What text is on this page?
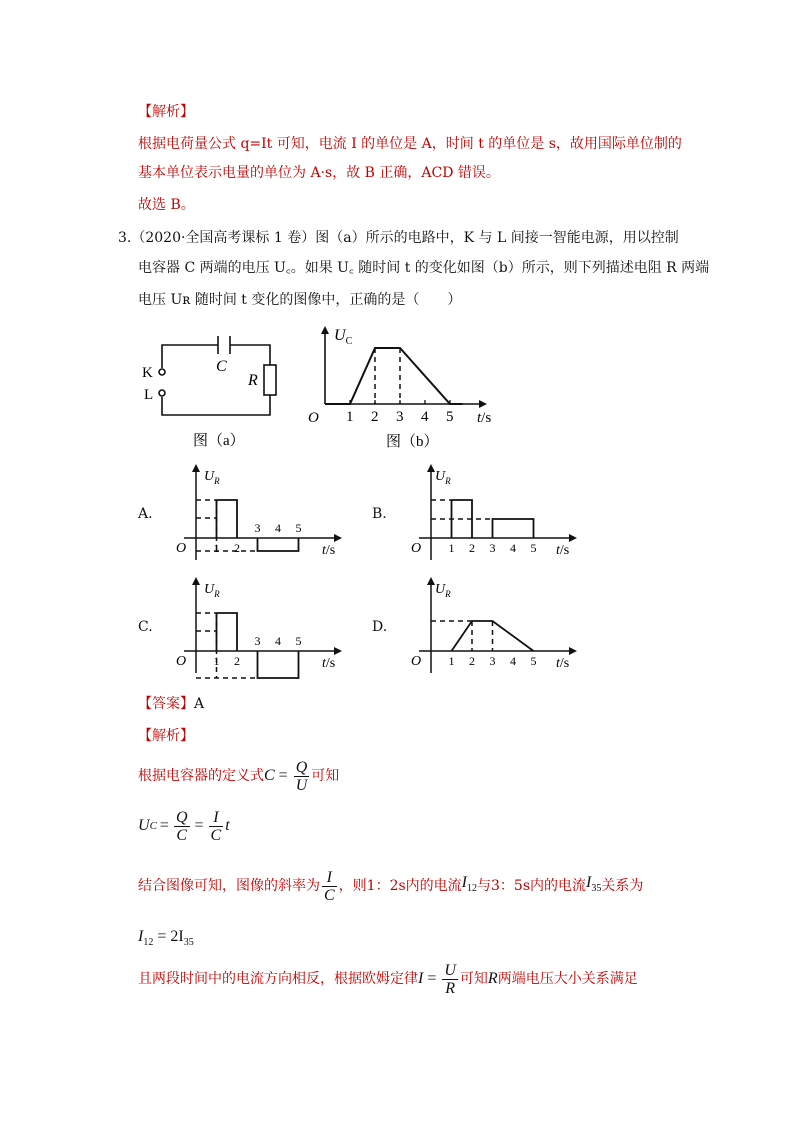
【解析】
根据电荷量公式 q=It 可知，电流 I 的单位是 A，时间 t 的单位是 s，故用国际单位制的
基本单位表示电量的单位为 A·s，故 B 正确，ACD 错误。
故选 B。
3.（2020·全国高考课标 1 卷）图（a）所示的电路中，K 与 L 间接一智能电源，用以控制
电容器 C 两端的电压 U꜀。如果 U꜀ 随时间 t 的变化如图（b）所示，则下列描述电阻 R 两端
电压 Uʀ 随时间 t 变化的图像中，正确的是（　　）
K
L
C
R
图（a）
1 2 3 4 5
$U_C$
O	t/s
图（b）
A.	B.
C.	D.
1 2
3 4 5
$U_R$
O	t/s	1 2 3 4 5
$U_R$
O	t/s
1 2
3 4 5
$U_R$
O	t/s	1 2 3 4 5
$U_R$
O	t/s
【答案】A
【解析】
根据电容器的定义式 $C = \frac{Q}{U}$ 可知
U $C = \frac{Q}{C} = \frac{I}{C}$ t
结合图像可知，图像的斜率为 $\frac{I}{C}$ ，则1：2s内的电流 $I_{12}$ 与3：5s内的电流 $I_{35}$ 关系为
$I_{12} = 2I_{35}$
且两段时间中的电流方向相反，根据欧姆定律 $I = \frac{U}{R}$ 可知 R 两端电压大小关系满足
